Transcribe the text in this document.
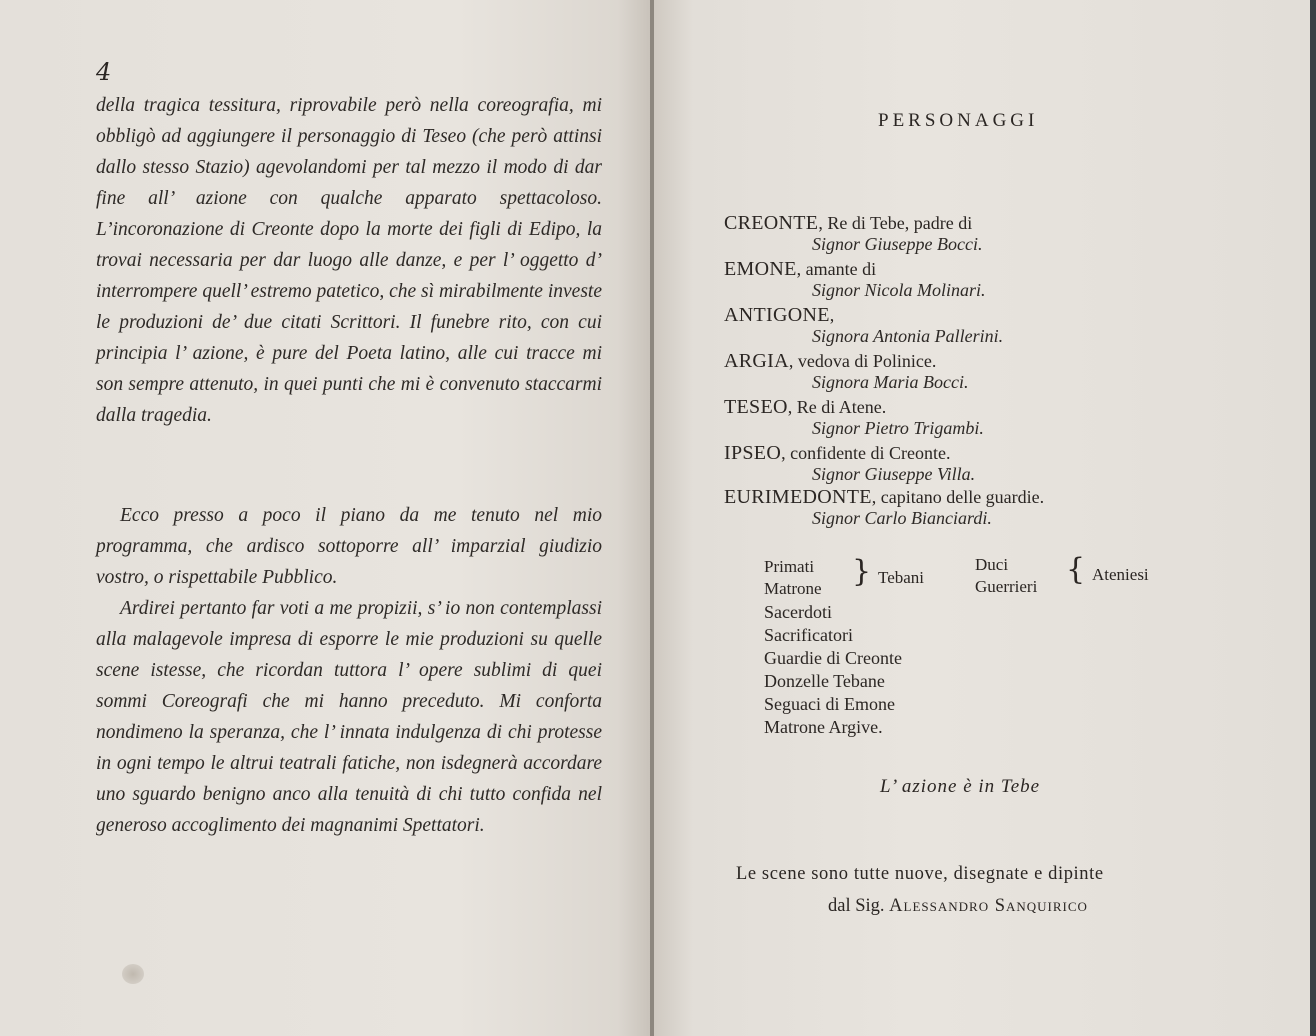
4

della tragica tessitura, riprovabile però nella coreografia, mi obbligò ad aggiungere il personaggio di Teseo (che però attinsi dallo stesso Stazio) agevolandomi per tal mezzo il modo di dar fine all’ azione con qualche apparato spettacoloso. L’incoronazione di Creonte dopo la morte dei figli di Edipo, la trovai necessaria per dar luogo alle danze, e per l’ oggetto d’ interrompere quell’ estremo patetico, che sì mirabilmente investe le produzioni de’ due citati Scrittori. Il funebre rito, con cui principia l’ azione, è pure del Poeta latino, alle cui tracce mi son sempre attenuto, in quei punti che mi è convenuto staccarmi dalla tragedia.

Ecco presso a poco il piano da me tenuto nel mio programma, che ardisco sottoporre all’ imparzial giudizio vostro, o rispettabile Pubblico.

Ardirei pertanto far voti a me propizii, s’ io non contemplassi alla malagevole impresa di esporre le mie produzioni su quelle scene istesse, che ricordan tuttora l’ opere sublimi di quei sommi Coreografi che mi hanno preceduto. Mi conforta nondimeno la speranza, che l’ innata indulgenza di chi protesse in ogni tempo le altrui teatrali fatiche, non isdegnerà accordare uno sguardo benigno anco alla tenuità di chi tutto confida nel generoso accoglimento dei magnanimi Spettatori.

PERSONAGGI
CREONTE, Re di Tebe, padre di
Signor Giuseppe Bocci.
EMONE, amante di
Signor Nicola Molinari.
ANTIGONE,
Signora Antonia Pallerini.
ARGIA, vedova di Polinice.
Signora Maria Bocci.
TESEO, Re di Atene.
Signor Pietro Trigambi.
IPSEO, confidente di Creonte.
Signor Giuseppe Villa.
EURIMEDONTE, capitano delle guardie.
Signor Carlo Bianciardi.
Primati
Matrone } Tebani
Duci
Guerrieri { Ateniesi
Sacerdoti
Sacrificatori
Guardie di Creonte
Donzelle Tebane
Seguaci di Emone
Matrone Argive.
L’ azione è in Tebe
Le scene sono tutte nuove, disegnate e dipinte
dal Sig. Alessandro Sanquirico
